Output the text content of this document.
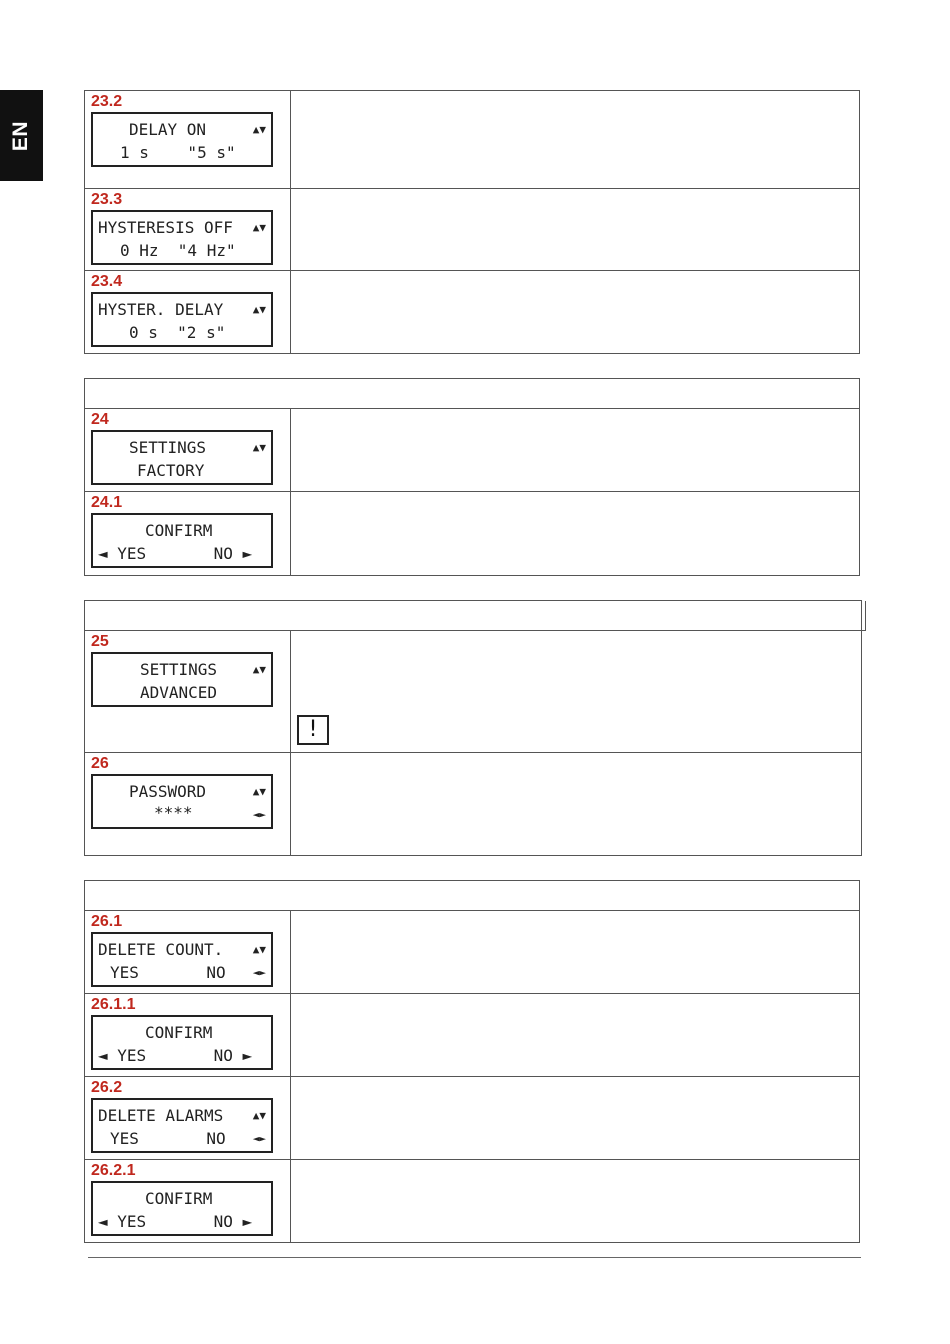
EN
23.2
DELAY ON	▲▼
1 s    "5 s"
23.3
HYSTERESIS OFF ▲▼
0 Hz  "4 Hz"
23.4
HYSTER. DELAY	▲▼
0 s  "2 s"
24
SETTINGS	▲▼
FACTORY
24.1
CONFIRM
◄ YES       NO ►
25
SETTINGS	▲▼
ADVANCED
!
26
PASSWORD	▲▼
****	◄►
26.1
DELETE COUNT.	▲▼
YES       NO ◄►
26.1.1
CONFIRM
◄ YES       NO ►
26.2
DELETE ALARMS	▲▼
YES       NO ◄►
26.2.1
CONFIRM
◄ YES       NO ►
